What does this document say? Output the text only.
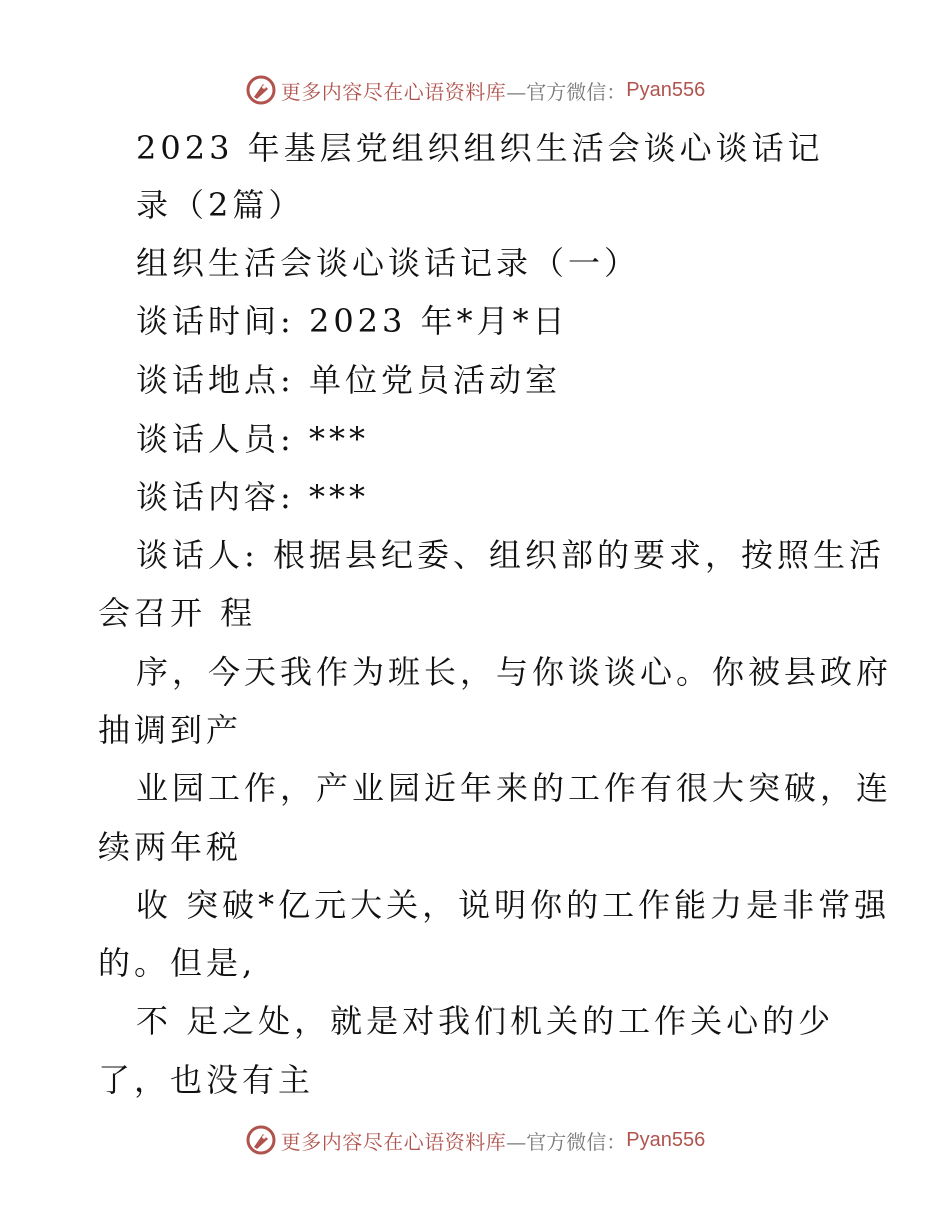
更多内容尽在心语资料库 —官方微信： Pyan556
2023 年基层党组织组织生活会谈心谈话记
录（2篇）
组织生活会谈心谈话记录（一）
谈话时间: 2023 年*月*日
谈话地点: 单位党员活动室
谈话人员: ***
谈话内容: ***
谈话人: 根据县纪委、组织部的要求，按照生活
会召开 程
序，今天我作为班长，与你谈谈心。你被县政府
抽调到产
业园工作，产业园近年来的工作有很大突破，连
续两年税
收 突破*亿元大关，说明你的工作能力是非常强
的。但是,
不 足之处，就是对我们机关的工作关心的少
了，也没有主
更多内容尽在心语资料库 —官方微信： Pyan556
